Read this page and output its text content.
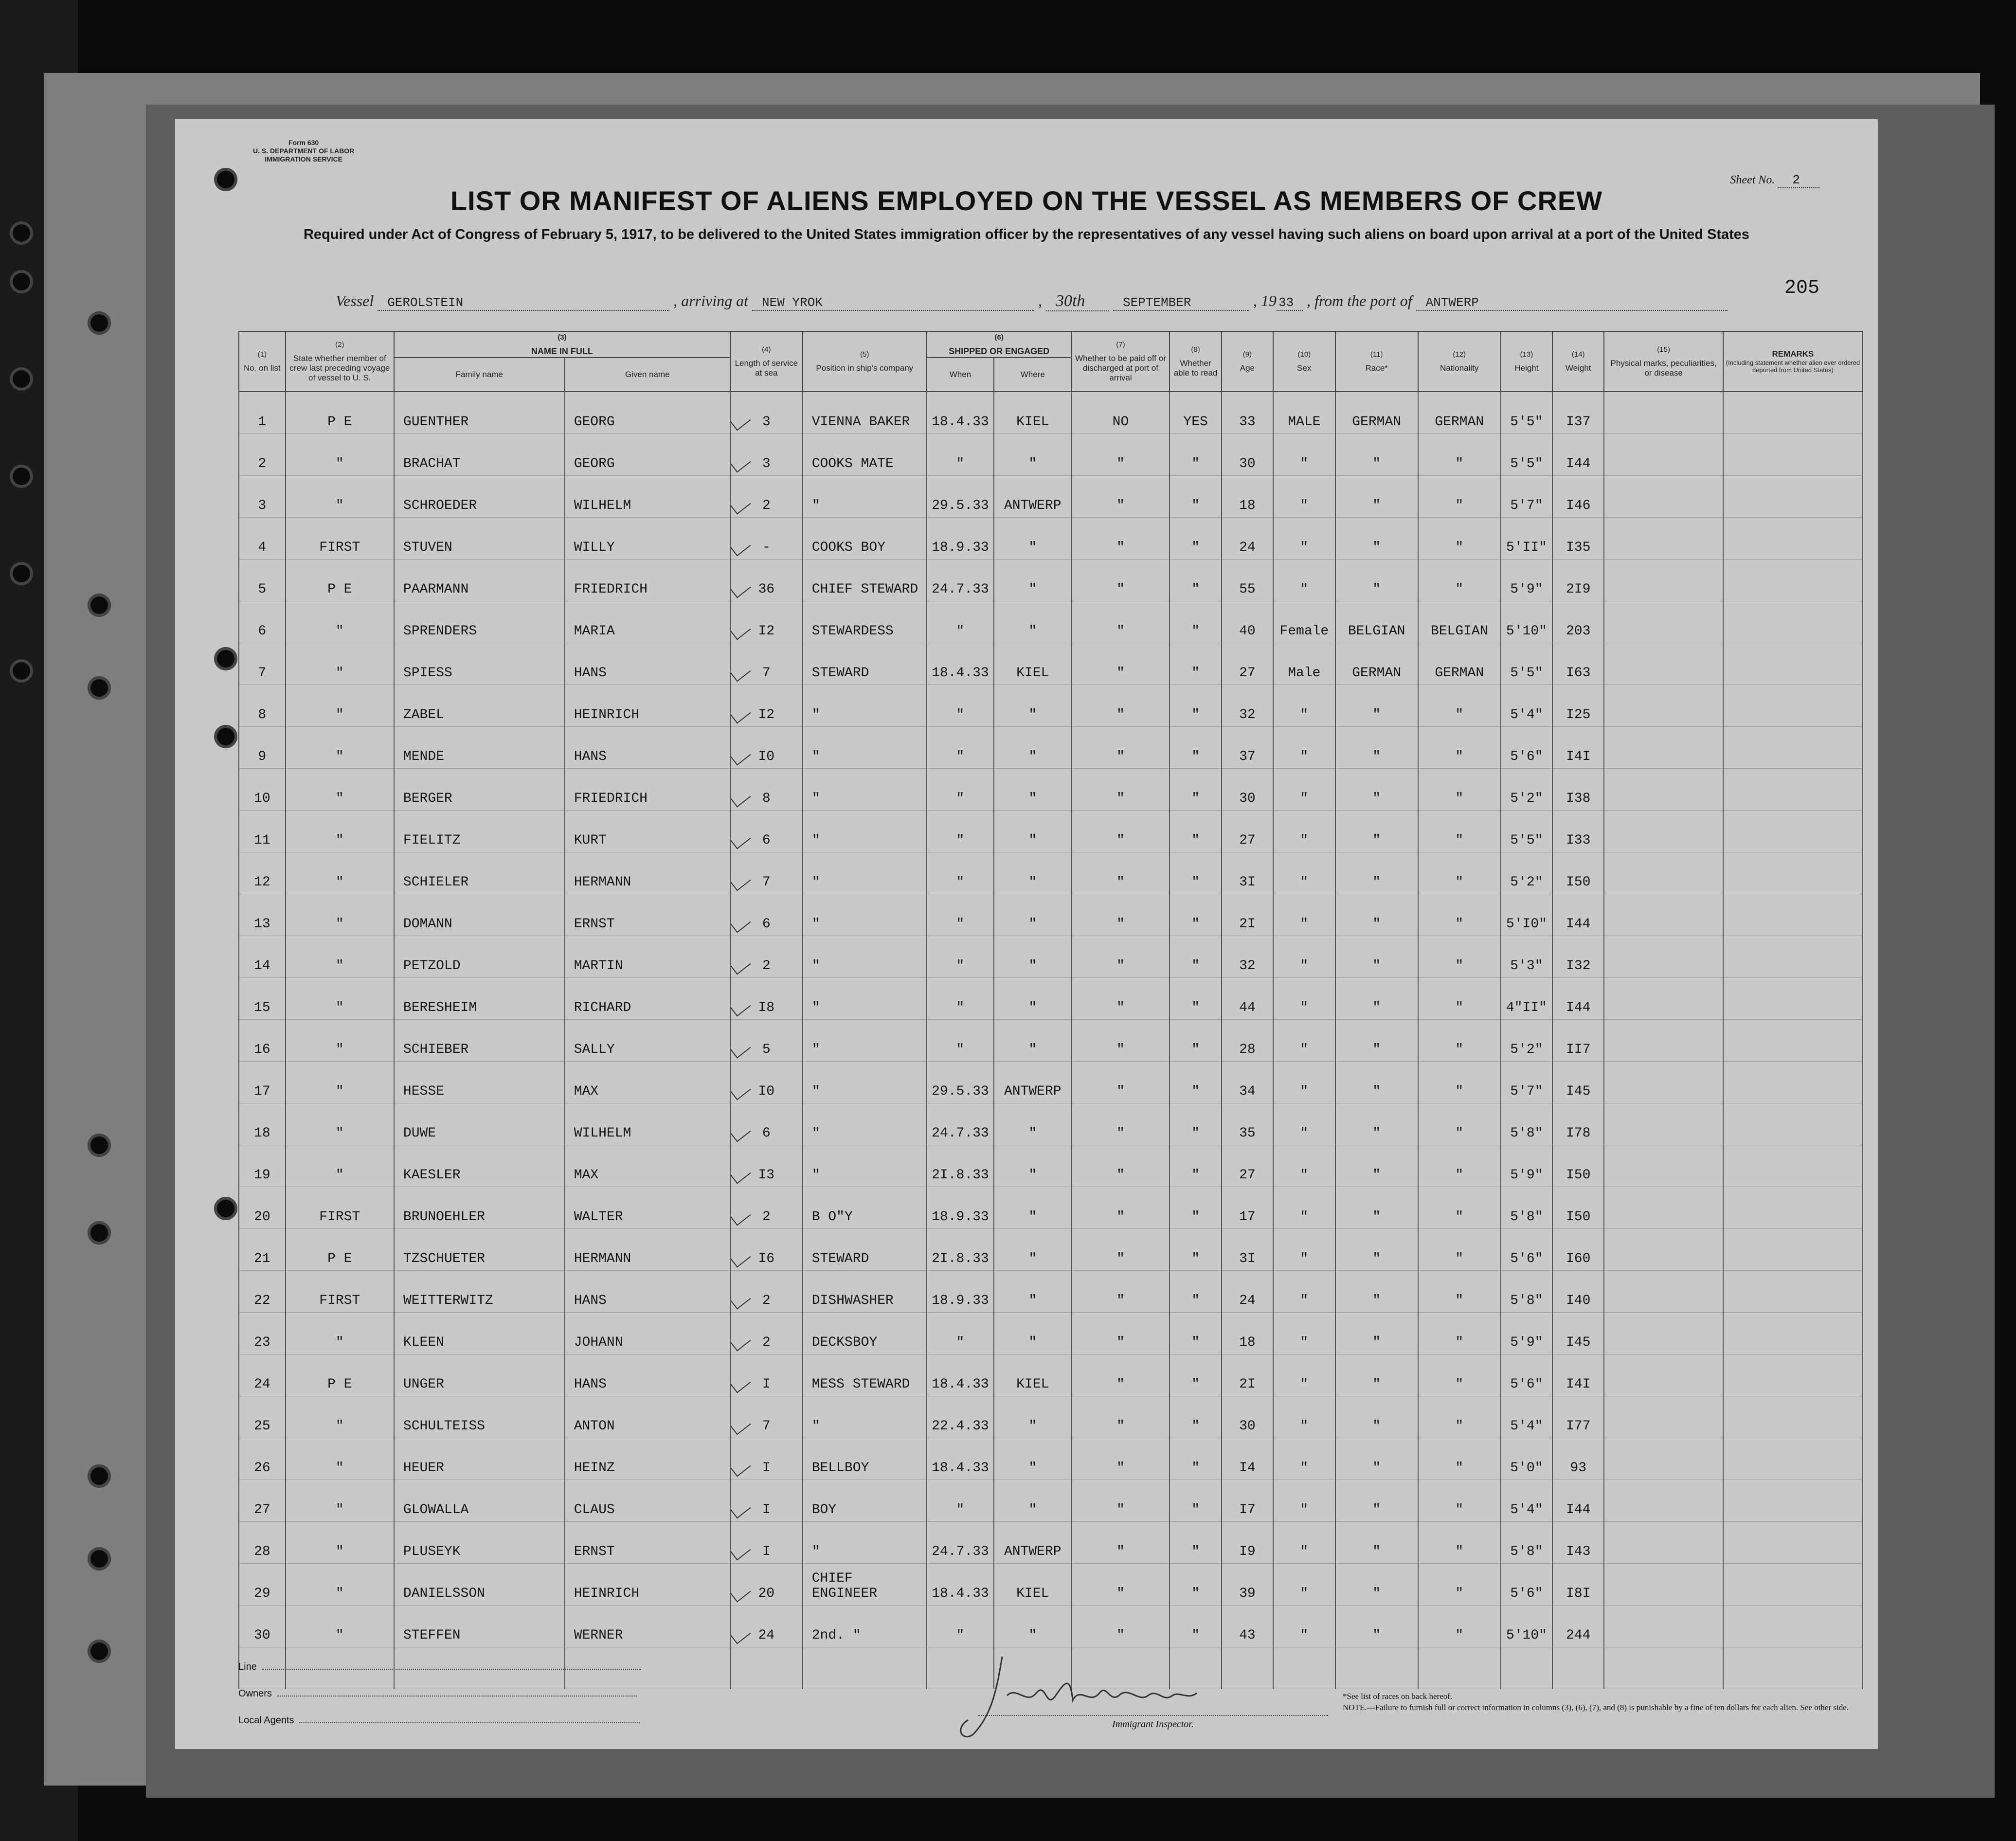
Form 630
U. S. DEPARTMENT OF LABOR
IMMIGRATION SERVICE
Sheet No. 2
LIST OR MANIFEST OF ALIENS EMPLOYED ON THE VESSEL AS MEMBERS OF CREW
Required under Act of Congress of February 5, 1917, to be delivered to the United States immigration officer by the representatives of any vessel having such aliens on board upon arrival at a port of the United States
205
Vessel GEROLSTEIN	, arriving at NEW YROK	, 30th	SEPTEMBER	, 19 33 , from the port of ANTWERP
(1)
No. on list	(2)
State whether member of crew last preceding voyage of vessel to U. S.	(3)
NAME IN FULL		(4)
Length of service at sea	(5)
Position in ship's company	(6)
SHIPPED OR ENGAGED		(7)
Whether to be paid off or discharged at port of arrival	(8)
Whether able to read	(9)
Age	(10)
Sex	(11)
Race*	(12)
Nationality	(13)
Height	(14)
Weight	(15)
Physical marks, peculiarities, or disease	REMARKS
(Including statement whether alien ever ordered deported from United States)

		Family name	Given name			When	Where										
1	P E	GUENTHER	GEORG	3	VIENNA BAKER	18.4.33	KIEL	NO	YES	33	MALE	GERMAN	GERMAN	5'5"	I37		
2	"	BRACHAT	GEORG	3	COOKS MATE	"	"	"	"	30	"	"	"	5'5"	I44		
3	"	SCHROEDER	WILHELM	2	"	29.5.33	ANTWERP	"	"	18	"	"	"	5'7"	I46		
4	FIRST	STUVEN	WILLY	-	COOKS BOY	18.9.33	"	"	"	24	"	"	"	5'II"	I35		
5	P E	PAARMANN	FRIEDRICH	36	CHIEF STEWARD	24.7.33	"	"	"	55	"	"	"	5'9"	2I9		
6	"	SPRENDERS	MARIA	I2	STEWARDESS	"	"	"	"	40	Female	BELGIAN	BELGIAN	5'10"	203		
7	"	SPIESS	HANS	7	STEWARD	18.4.33	KIEL	"	"	27	Male	GERMAN	GERMAN	5'5"	I63		
8	"	ZABEL	HEINRICH	I2	"	"	"	"	"	32	"	"	"	5'4"	I25		
9	"	MENDE	HANS	I0	"	"	"	"	"	37	"	"	"	5'6"	I4I		
10	"	BERGER	FRIEDRICH	8	"	"	"	"	"	30	"	"	"	5'2"	I38		
11	"	FIELITZ	KURT	6	"	"	"	"	"	27	"	"	"	5'5"	I33		
12	"	SCHIELER	HERMANN	7	"	"	"	"	"	3I	"	"	"	5'2"	I50		
13	"	DOMANN	ERNST	6	"	"	"	"	"	2I	"	"	"	5'I0"	I44		
14	"	PETZOLD	MARTIN	2	"	"	"	"	"	32	"	"	"	5'3"	I32		
15	"	BERESHEIM	RICHARD	I8	"	"	"	"	"	44	"	"	"	4"II"	I44		
16	"	SCHIEBER	SALLY	5	"	"	"	"	"	28	"	"	"	5'2"	II7		
17	"	HESSE	MAX	I0	"	29.5.33	ANTWERP	"	"	34	"	"	"	5'7"	I45		
18	"	DUWE	WILHELM	6	"	24.7.33	"	"	"	35	"	"	"	5'8"	I78		
19	"	KAESLER	MAX	I3	"	2I.8.33	"	"	"	27	"	"	"	5'9"	I50		
20	FIRST	BRUNOEHLER	WALTER	2	B O"Y	18.9.33	"	"	"	17	"	"	"	5'8"	I50		
21	P E	TZSCHUETER	HERMANN	I6	STEWARD	2I.8.33	"	"	"	3I	"	"	"	5'6"	I60		
22	FIRST	WEITTERWITZ	HANS	2	DISHWASHER	18.9.33	"	"	"	24	"	"	"	5'8"	I40		
23	"	KLEEN	JOHANN	2	DECKSBOY	"	"	"	"	18	"	"	"	5'9"	I45		
24	P E	UNGER	HANS	I	MESS STEWARD	18.4.33	KIEL	"	"	2I	"	"	"	5'6"	I4I		
25	"	SCHULTEISS	ANTON	7	"	22.4.33	"	"	"	30	"	"	"	5'4"	I77		
26	"	HEUER	HEINZ	I	BELLBOY	18.4.33	"	"	"	I4	"	"	"	5'0"	93		
27	"	GLOWALLA	CLAUS	I	BOY	"	"	"	"	I7	"	"	"	5'4"	I44		
28	"	PLUSEYK	ERNST	I	"	24.7.33	ANTWERP	"	"	I9	"	"	"	5'8"	I43		
29	"	DANIELSSON	HEINRICH	20	CHIEF ENGINEER	18.4.33	KIEL	"	"	39	"	"	"	5'6"	I8I		
30	"	STEFFEN	WERNER	24	2nd. "	"	"	"	"	43	"	"	"	5'10"	244		

Line
Owners
Local Agents	Immigrant Inspector.
*See list of races on back hereof.
NOTE.—Failure to furnish full or correct information in columns (3), (6), (7), and (8) is punishable by a fine of ten dollars for each alien. See other side.
